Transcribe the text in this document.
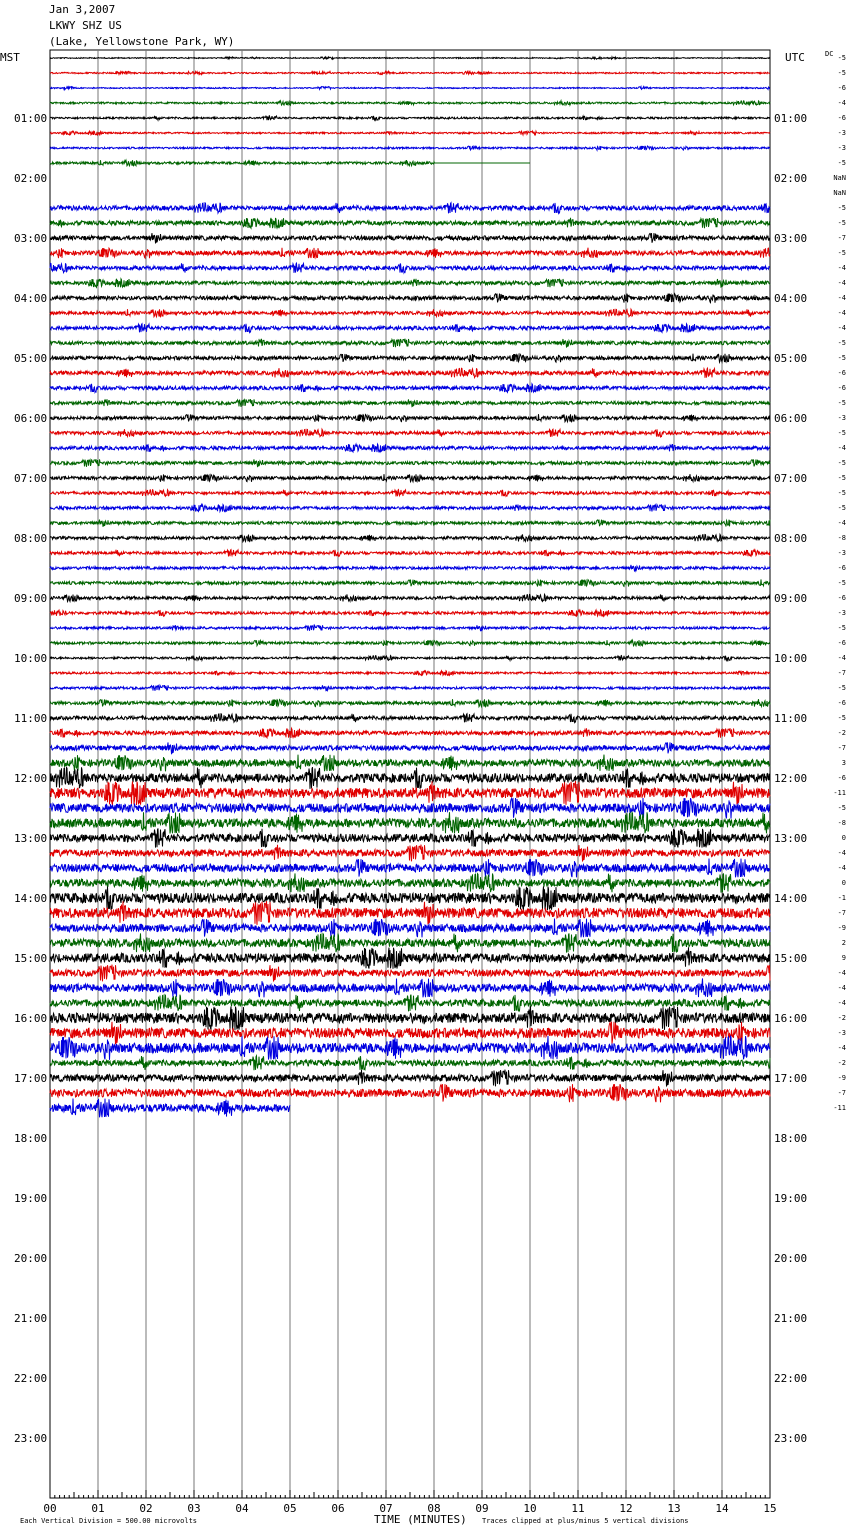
Jan 3,2007
LKWY SHZ US
(Lake, Yellowstone Park, WY)
00	01	02	03	04	05	06	07	08	09	10	11	12	13	14	15
01:00	01:00
02:00	02:00
03:00	03:00
04:00	04:00
05:00	05:00
06:00	06:00
07:00	07:00
08:00	08:00
09:00	09:00
10:00	10:00
11:00	11:00
12:00	12:00
13:00	13:00
14:00	14:00
15:00	15:00
16:00	16:00
17:00	17:00
18:00	18:00
19:00	19:00
20:00	20:00
21:00	21:00
22:00	22:00
23:00	23:00
-5
-5
-6
-4
-6
-3
-3
-5
NaN
NaN
-5
-5
-7
-5
-4
-4
-4
-4
-4
-5
-5
-6
-6
-5
-3
-5
-4
-5
-5
-5
-5
-4
-8
-3
-6
-5
-6
-3
-5
-6
-4
-7
-5
-6
-5
-2
-7
3
-6
-11
-5
-8
0
-4
-4
0
-1
-7
-9
2
9
-4
-4
-4
-2
-3
-4
-2
-9
-7
-11
MST	UTC	DC
TIME (MINUTES)
Each Vertical Division = 500.00 microvolts	Traces clipped at plus/minus 5 vertical divisions
